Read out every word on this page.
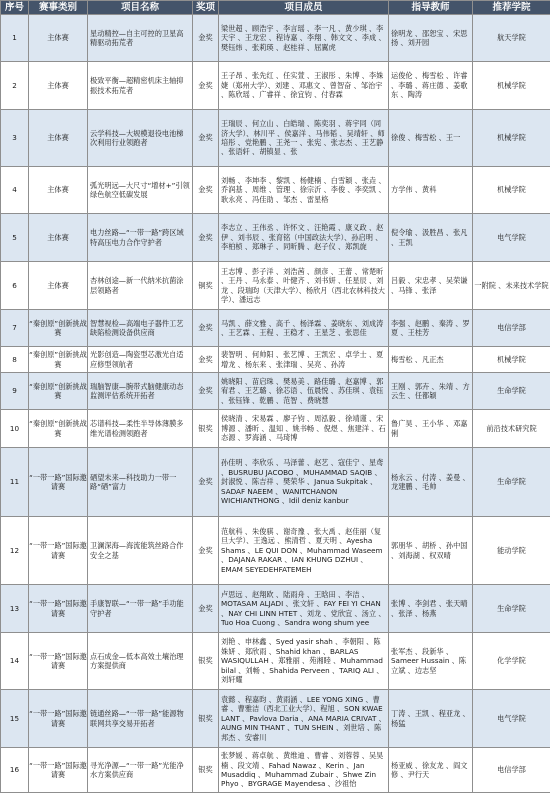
序号	赛事类别	项目名称	奖项	项目成员	指导教师	推荐学院
1	主体赛	星动精控—自主可控的卫星高精驱动拓荒者	金奖	梁世超 、顾浩宇 、李言瑶 、李一凡 、黄少琪 、李天宇 、王龙宏 、程诗嘉 、李翔 、韩文文 、李成 、樊钰炜 、张莉瑛 、赵桂祥 、屈翼虎	徐明龙 、邵恕宝 、宋思扬 、刘开园	航天学院
2	主体赛	极致平衡—超精密机床主轴抑振技术拓荒者	金奖	王子昂 、张先红 、任实萱 、王淑彤 、朱博 、李姝婕（郑州大学）、刘建 、邓惠文 、曾智奋 、邹治宇 、陈欣瑶 、广睿祥 、徐宜钧 、付春霖	运俊伦 、梅雪松 、许睿 、李璐 、蒋庄德 、姜歌东 、陶涛	机械学院
3	主体赛	云学科技—大规模退役电池梯次利用行业领跑者	金奖	王瑞辰 、何立山 、白皓瑞 、陈奕羽 、蒋宇同（同济大学）、林川平 、侯嘉洋 、马伟韬 、吴靖轩 、师培彤 、党艳鹏 、王尧一 、张宪 、张志杰 、王艺静 、张语轩 、胡镇显 、张	徐俊 、梅雪松 、王一	机械学院
4	主体赛	弧光明远—大尺寸“增材+”引领绿色航空低碳发展	金奖	刘畅 、李坤李 、黎凯 、杨健楠 、白雪颖 、张垚 、乔润基 、周维 、管理 、徐宗沂 、李俊 、李奕凯 、耿永亮 、冯佳劭 、邹杰 、雷星格	方学伟 、黄科	机械学院
5	主体赛	电力丝路—“一带一路”跨区域特高压电力合作守护者	金奖	李志立 、王伟丞 、许怀文 、汪艳霞 、康义政 、赵伊 、刘书辰 、张育铭（中国政法大学）、孙启明 、李柏桢 、郑琳子 、同昕腾 、赵子仪 、郑凯旋	倪令瑜 、汲胜昌 、张凡 、王凯	电气学院
6	主体赛	杏林创途—新一代纳米抗菌涂层领路者	铜奖	王志博 、彭子洋 、刘浩茜 、颜彦 、王蕾 、常楚昕 、王丹 、马永泰 、叶健齐 、刘书妍 、任星辰 、刘龙 、段瑞昀（天津大学）、杨欣月（西北农林科技大学）、潘远志	吕毅 、宋忠孝 、吴荣谦 、马锋 、张泽	一附院 、未来技术学院
7	“秦创原”创新挑战赛	智慧视检—高端电子器件工艺缺陷检测设备供应商	金奖	马凯 、薛文雅 、高千 、杨泽霖 、姜晓东 、刘成涛 、王艺霖 、王程 、王稳才 、王星芝 、张思佳	李强 、赵鹏 、秦涛 、罗夏 、王桂芳	电信学部
8	“秦创原”创新挑战赛	光影创造—陶瓷型芯激光自适应修型领航者	金奖	裴智明 、何帅阳 、张艺博 、王凯宏 、卓学士 、夏增龙 、杨东来 、张津瑞 、吴亮 、孙涛	梅雪松 、凡正杰	机械学院
9	“秦创原”创新挑战赛	瑞脑智康—腕带式脑健康动态监测评估系统开拓者	金奖	姚晓阳 、苗启珠 、樊易美 、路佳璐 、赵嘉博 、郭宥君 、王艺璐 、徐芯语 、伍晨悦 、苏佳琪 、袁钰 、张钰锋 、乾鹏 、范智 、费晓慧	王刚 、郭卉 、朱靖 、方云生 、任都颖	生命学院
10	“秦创原”创新挑战赛	芯谱科技—柔性半导体薄膜多维光谱检测领跑者	银奖	侯晓清 、宋易霖 、廖子钧 、周泓毅 、徐靖谨 、宋博源 、潘昕 、温知 、姚书畅 、倪煜 、焦建洋 、石态源 、罗海涵 、马琦博	鲁广昊 、王小华 、邓嘉俐	前沿技术研究院
11	“一带一路”国际邀请赛	硒望未来—科技助力一带一路“硒”富力	金奖	孙佳明 、李欣乐 、马泽蕾 、赵艺 、寇佳宁 、星鸢 、BUSRUBU JACOBO 、MUHAMMAD SAQIB 、封淑悦 、陈吉祥 、樊荣华 、Janua Sukpitak 、SADAF NAEEM 、WANITCHANON WICHIANTHONG 、Idil deniz kanbur	杨永云 、付涛 、姜曼 、龙建鹏 、毛帅	生命学院
12	“一带一路”国际邀请赛	卫澜深海—海流能筑丝路合作安全之基	金奖	范航科 、朱俊骐 、谢奇豫 、张大禹 、赵佳丽（复旦大学）、王逸远 、熊清哲 、夏天明 、Ayesha Shams 、LE QUI DON 、Muhammad Waseem 、DAJANA RAKAR 、IAN KHUNG DZHUI 、EMAM SEYEDEHFATEMEH	郭朋华 、胡桥 、孙中国 、刘海湖 、权双晴	能动学院
13	“一带一路”国际邀请赛	手康智联—“一带一路”手功能守护者	金奖	卢思远 、赵翔欧 、陆雨舟 、王晗田 、李洁 、MOTASAM ALJADI 、张文轩 、FAY FEI YI CHAN 、NAY CHI LINN HTET 、刘龙 、党欣宜 、汤立 、Tuo Hoa Cuong 、Sandra wong shum yee	张博 、李剑君 、张天晴 、张泽 、杨燕	生命学院
14	“一带一路”国际邀请赛	点石成金—低本高效土壤治理方案提供商	银奖	刘艳 、申林鑫 、Syed yasir shah 、李朝阳 、陈姝妍 、郑欣雨 、Shahid khan 、BARLAS WASIQULLAH 、郑雅丽 、苑湘睦 、Muhammad bilal 、刘畅 、Shahida Perveen 、TARIQ ALI 、刘轩耀	张军杰 、段新华 、Sameer Hussain 、陈立斌 、边志坚	化学学院
15	“一带一路”国际邀请赛	链通丝路—“一带一路”能源物联网共享交易开拓者	银奖	袁懿 、程嘉昀 、黄雨涵 、LEE YONG XING 、曹睿 、曹雅洁（西北工业大学）、程旭 、SON KWAE LANT 、Pavlova Daria 、ANA MARIA CRIVAT 、AUNG MIN THANT 、TUN SHEIN 、刘世培 、陈邦杰 、安睿川	丁涛 、王凯 、程亚龙 、杨猛	电气学院
16	“一带一路”国际邀请赛	寻光净源—“一带一路”光能净水方案供应商	银奖	张梦媛 、蒋卓航 、黄维迪 、曹睿 、刘蓉蓉 、吴昊楠 、段文靖 、Fahad Nawaz 、Kerin 、Jan Musaddiq 、Muhammad Zubair 、Shwe Zin Phyo 、BYGRAGE Mayendesa 、沙祖怡	杨亚威 、徐友龙 、阎文修 、尹行天	电信学部
